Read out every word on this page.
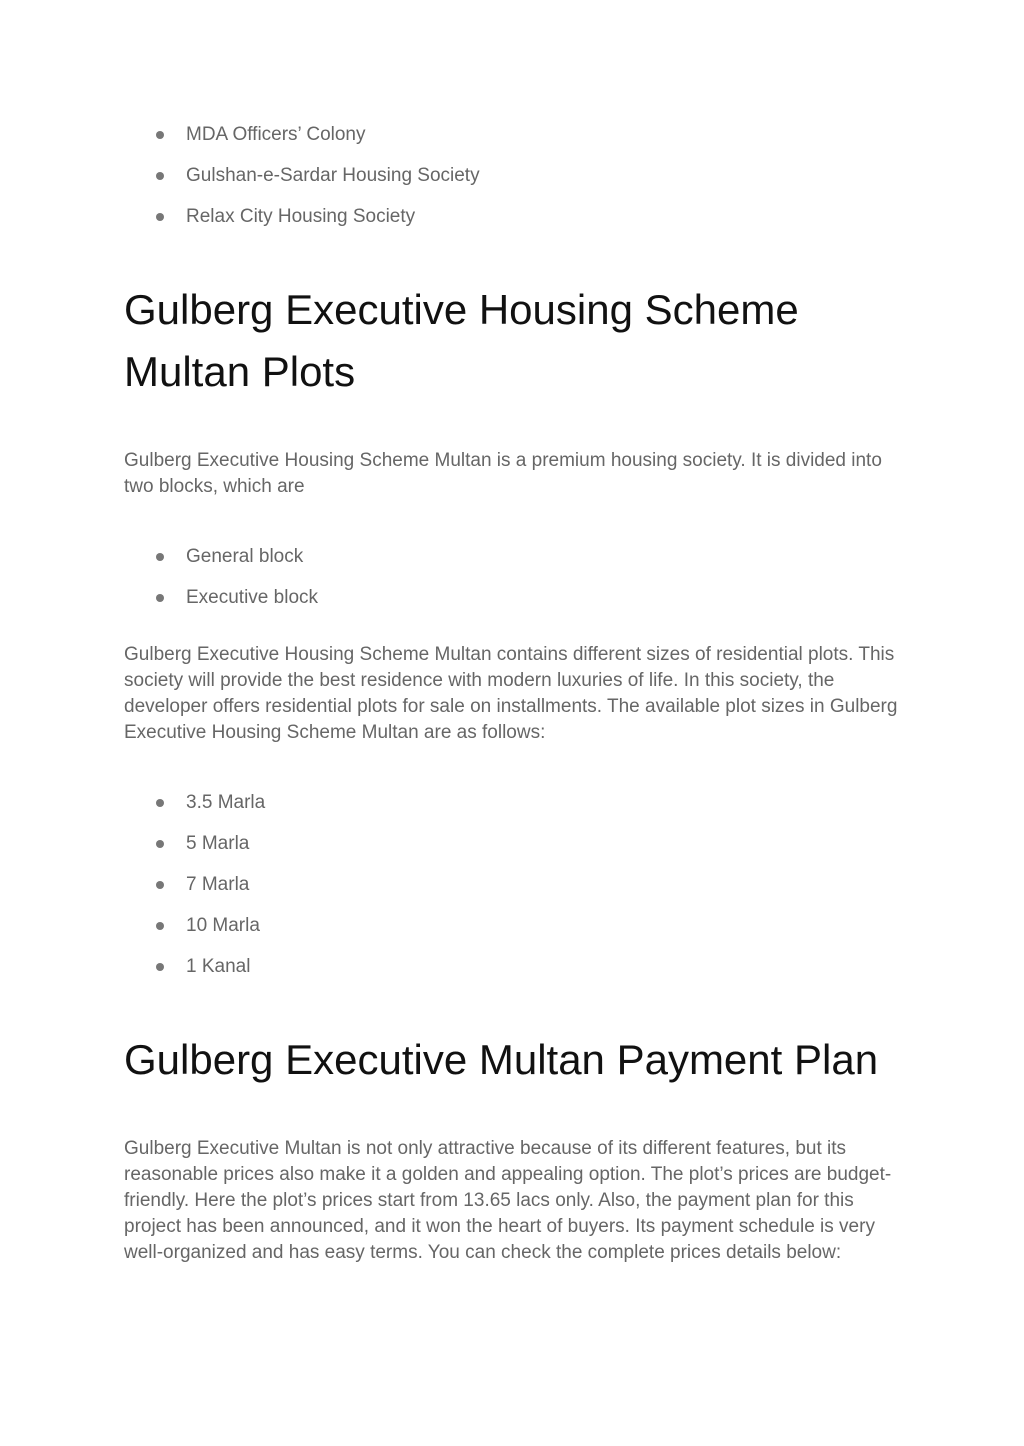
MDA Officers’ Colony
Gulshan-e-Sardar Housing Society
Relax City Housing Society
Gulberg Executive Housing Scheme Multan Plots

Gulberg Executive Housing Scheme Multan is a premium housing society. It is divided into two blocks, which are

General block
Executive block

Gulberg Executive Housing Scheme Multan contains different sizes of residential plots. This society will provide the best residence with modern luxuries of life. In this society, the developer offers residential plots for sale on installments. The available plot sizes in Gulberg Executive Housing Scheme Multan are as follows:

3.5 Marla
5 Marla
7 Marla
10 Marla
1 Kanal
Gulberg Executive Multan Payment Plan

Gulberg Executive Multan is not only attractive because of its different features, but its reasonable prices also make it a golden and appealing option. The plot’s prices are budget-friendly. Here the plot’s prices start from 13.65 lacs only. Also, the payment plan for this project has been announced, and it won the heart of buyers. Its payment schedule is very well-organized and has easy terms. You can check the complete prices details below:
